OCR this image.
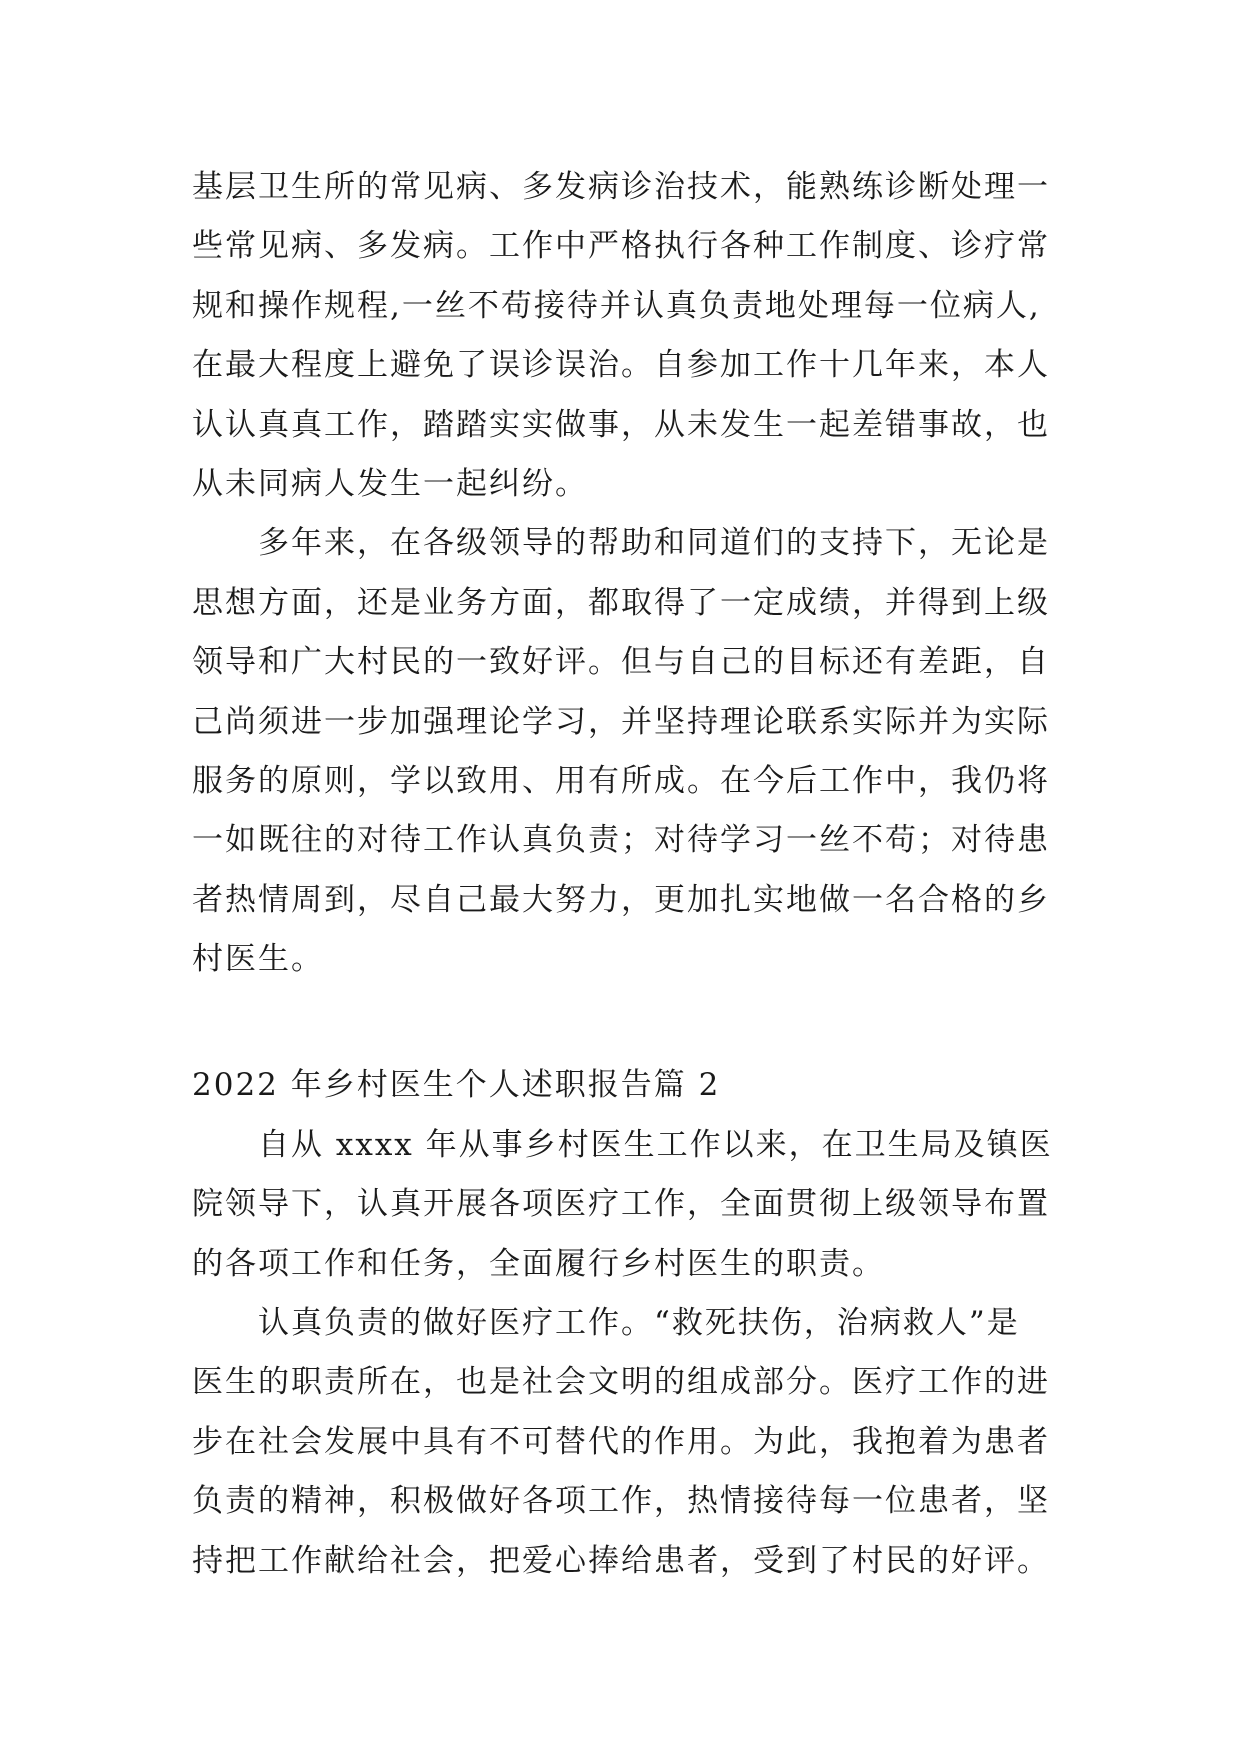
基层卫生所的常见病、多发病诊治技术，能熟练诊断处理一

些常见病、多发病。工作中严格执行各种工作制度、诊疗常

规和操作规程,一丝不苟接待并认真负责地处理每一位病人,

在最大程度上避免了误诊误治。自参加工作十几年来，本人

认认真真工作，踏踏实实做事，从未发生一起差错事故，也

从未同病人发生一起纠纷。

多年来，在各级领导的帮助和同道们的支持下，无论是

思想方面，还是业务方面，都取得了一定成绩，并得到上级

领导和广大村民的一致好评。但与自己的目标还有差距，自

己尚须进一步加强理论学习，并坚持理论联系实际并为实际

服务的原则，学以致用、用有所成。在今后工作中，我仍将

一如既往的对待工作认真负责；对待学习一丝不苟；对待患

者热情周到，尽自己最大努力，更加扎实地做一名合格的乡

村医生。

2022 年乡村医生个人述职报告篇 2

自从 xxxx 年从事乡村医生工作以来，在卫生局及镇医

院领导下，认真开展各项医疗工作，全面贯彻上级领导布置

的各项工作和任务，全面履行乡村医生的职责。

认真负责的做好医疗工作。“救死扶伤，治病救人”是

医生的职责所在，也是社会文明的组成部分。医疗工作的进

步在社会发展中具有不可替代的作用。为此，我抱着为患者

负责的精神，积极做好各项工作，热情接待每一位患者，坚

持把工作献给社会，把爱心捧给患者，受到了村民的好评。
